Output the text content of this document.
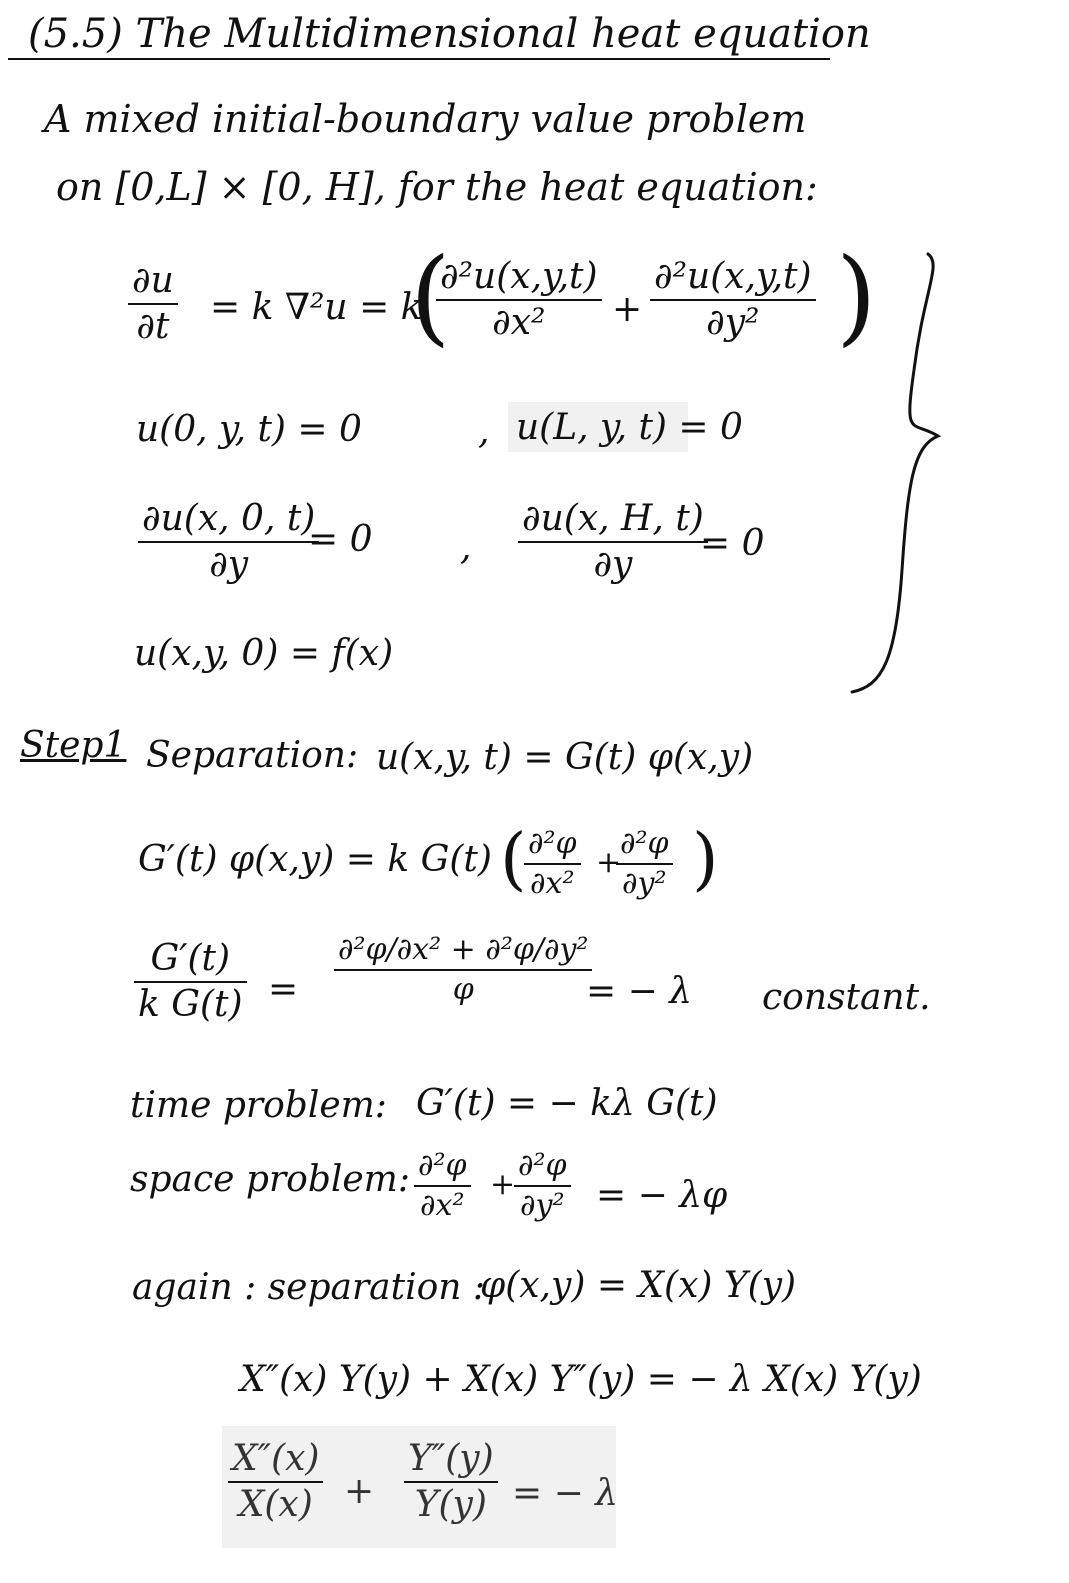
(5.5) The Multidimensional heat equation
A mixed initial-boundary value problem
on [0,L] × [0, H], for the heat equation:
∂u
∂t = k ∇²u = k
(
∂²u(x,y,t)
∂x² +
∂²u(x,y,t)
∂y² )
u(0, y, t) = 0	, u(L, y, t) = 0
∂u(x, 0, t)
∂y
= 0 ,
∂u(x, H, t)
∂y
= 0
u(x,y, 0) = f(x)
Step1 Separation: u(x,y, t) = G(t) φ(x,y)
G′(t) φ(x,y) = k G(t) ( ∂²φ
∂x²
+
∂²φ
∂y² )
G′(t)
k G(t) =
∂²φ/∂x² + ∂²φ/∂y²
φ	= − λ constant.
time problem: G′(t) = − kλ G(t)
space problem: ∂²φ
∂x²
+
∂²φ
∂y² = − λφ
again : separation :
φ(x,y) = X(x) Y(y)
X″(x) Y(y) + X(x) Y″(y) = − λ X(x) Y(y)
X″(x)
X(x) +
Y″(y)
Y(y) = − λ
